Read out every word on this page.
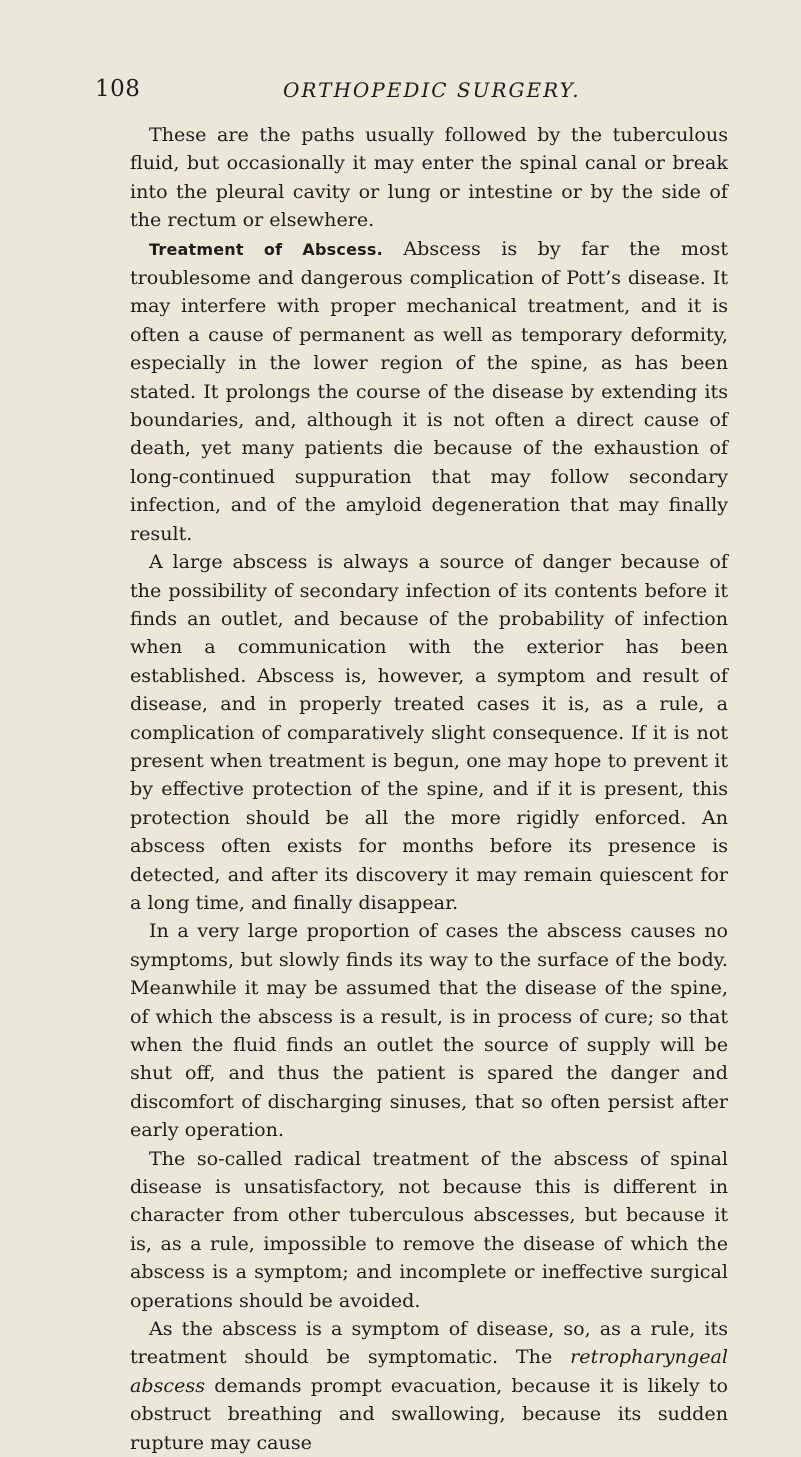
108	ORTHOPEDIC SURGERY.

These are the paths usually followed by the tuberculous fluid, but occasionally it may enter the spinal canal or break into the pleural cavity or lung or intestine or by the side of the rectum or elsewhere.

Treatment of Abscess. Abscess is by far the most troublesome and dangerous complication of Pott’s disease. It may interfere with proper mechanical treatment, and it is often a cause of permanent as well as temporary deformity, especially in the lower region of the spine, as has been stated. It prolongs the course of the disease by extending its boundaries, and, although it is not often a direct cause of death, yet many patients die because of the exhaustion of long-continued suppuration that may follow secondary infection, and of the amyloid degeneration that may finally result.

A large abscess is always a source of danger because of the possibility of secondary infection of its contents before it finds an outlet, and because of the probability of infection when a communication with the exterior has been established. Abscess is, however, a symptom and result of disease, and in properly treated cases it is, as a rule, a complication of comparatively slight consequence. If it is not present when treatment is begun, one may hope to prevent it by effective protection of the spine, and if it is present, this protection should be all the more rigidly enforced. An abscess often exists for months before its presence is detected, and after its discovery it may remain quiescent for a long time, and finally disappear.

In a very large proportion of cases the abscess causes no symptoms, but slowly finds its way to the surface of the body. Meanwhile it may be assumed that the disease of the spine, of which the abscess is a result, is in process of cure; so that when the fluid finds an outlet the source of supply will be shut off, and thus the patient is spared the danger and discomfort of discharging sinuses, that so often persist after early operation.

The so-called radical treatment of the abscess of spinal disease is unsatisfactory, not because this is different in character from other tuberculous abscesses, but because it is, as a rule, impossible to remove the disease of which the abscess is a symptom; and incomplete or ineffective surgical operations should be avoided.

As the abscess is a symptom of disease, so, as a rule, its treatment should be symptomatic. The retropharyngeal abscess demands prompt evacuation, because it is likely to obstruct breathing and swallowing, because its sudden rupture may cause
